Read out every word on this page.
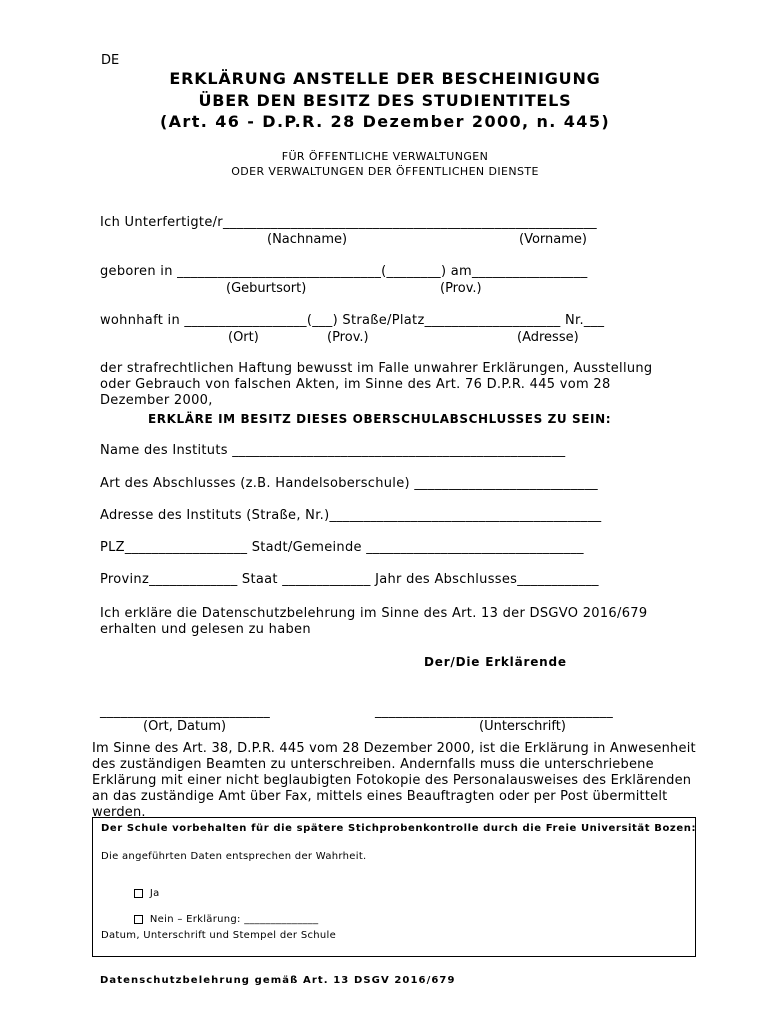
DE
ERKLÄRUNG ANSTELLE DER BESCHEINIGUNG
ÜBER DEN BESITZ DES STUDIENTITELS
(Art. 46 - D.P.R. 28 Dezember 2000, n. 445)
FÜR ÖFFENTLICHE VERWALTUNGEN
ODER VERWALTUNGEN DER ÖFFENTLICHEN DIENSTE
Ich Unterfertigte/r_______________________________________________________
(Nachname)	(Vorname)
geboren in ______________________________(________) am_________________
(Geburtsort)	(Prov.)
wohnhaft in __________________(___) Straße/Platz____________________ Nr.___
(Ort)	(Prov.)	(Adresse)
der strafrechtlichen Haftung bewusst im Falle unwahrer Erklärungen, Ausstellung oder Gebrauch von falschen Akten, im Sinne des Art. 76 D.P.R. 445 vom 28 Dezember 2000,
ERKLÄRE IM BESITZ DIESES OBERSCHULABSCHLUSSES ZU SEIN:
Name des Instituts _________________________________________________
Art des Abschlusses (z.B. Handelsoberschule) ___________________________
Adresse des Instituts (Straße, Nr.)________________________________________
PLZ__________________ Stadt/Gemeinde ________________________________
Provinz_____________ Staat _____________ Jahr des Abschlusses____________
Ich erkläre die Datenschutzbelehrung im Sinne des Art. 13 der DSGVO 2016/679 erhalten und gelesen zu haben
Der/Die Erklärende
_________________________	___________________________________
(Ort, Datum)	(Unterschrift)
Im Sinne des Art. 38, D.P.R. 445 vom 28 Dezember 2000, ist die Erklärung in Anwesenheit des zuständigen Beamten zu unterschreiben. Andernfalls muss die unterschriebene Erklärung mit einer nicht beglaubigten Fotokopie des Personalausweises des Erklärenden an das zuständige Amt über Fax, mittels eines Beauftragten oder per Post übermittelt werden.
Der Schule vorbehalten für die spätere Stichprobenkontrolle durch die Freie Universität Bozen:
Die angeführten Daten entsprechen der Wahrheit.

Ja

Nein – Erklärung: ______________

Datum, Unterschrift und Stempel der Schule
Datenschutzbelehrung gemäß Art. 13 DSGV 2016/679
